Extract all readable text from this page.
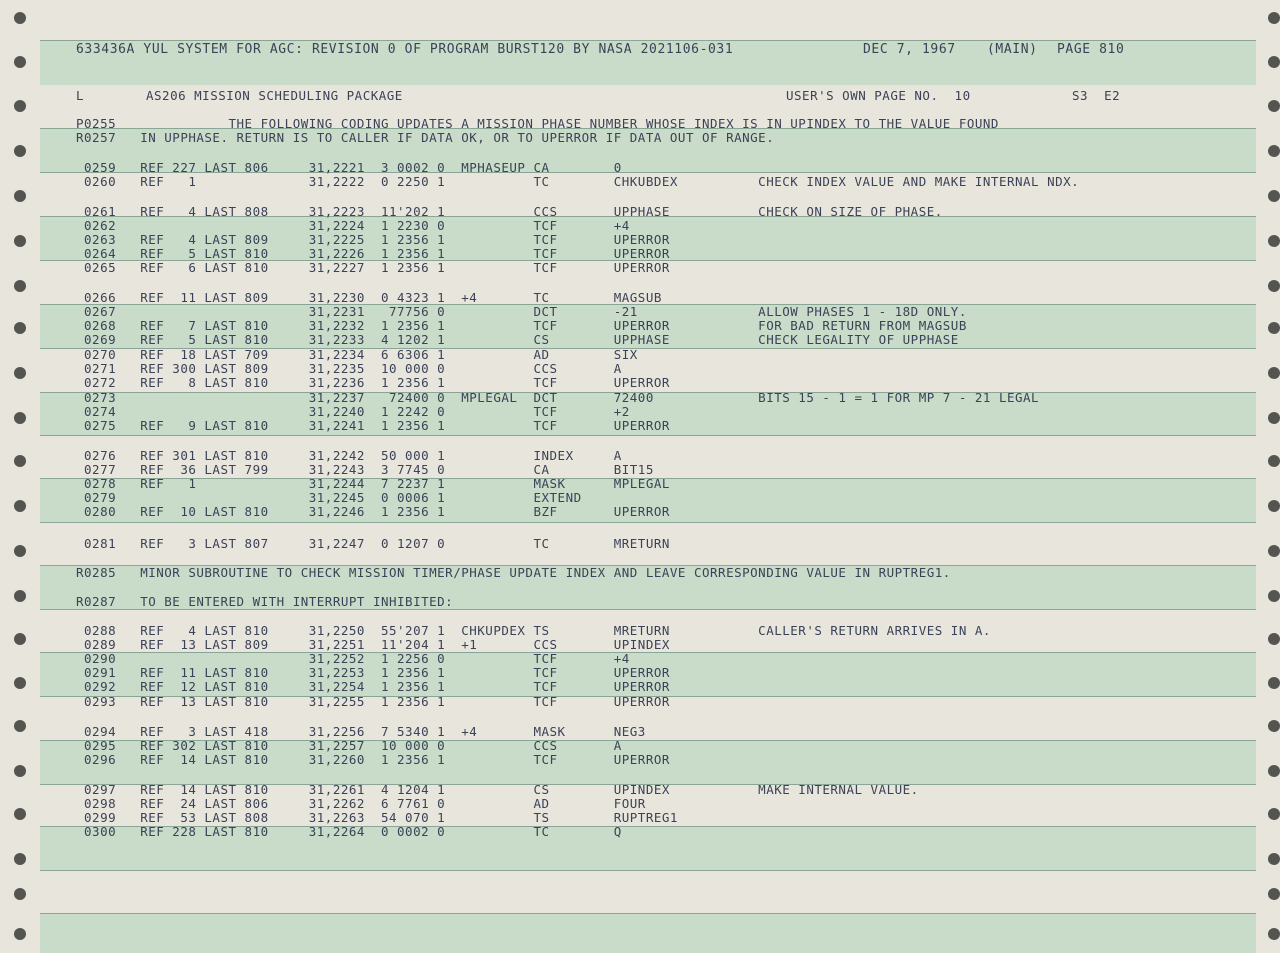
633436A YUL SYSTEM FOR AGC: REVISION 0 OF PROGRAM BURST120 BY NASA 2021106-031	DEC 7, 1967 (MAIN) PAGE 810
L	AS206 MISSION SCHEDULING PACKAGE	USER'S OWN PAGE NO.  10	S3  E2
P0255              THE FOLLOWING CODING UPDATES A MISSION PHASE NUMBER WHOSE INDEX IS IN UPINDEX TO THE VALUE FOUND
R0257   IN UPPHASE. RETURN IS TO CALLER IF DATA OK, OR TO UPERROR IF DATA OUT OF RANGE.
0259   REF 227 LAST 806     31,2221  3 0002 0  MPHASEUP CA        0
0260   REF   1              31,2222  0 2250 1           TC        CHKUBDEX          CHECK INDEX VALUE AND MAKE INTERNAL NDX.
0261   REF   4 LAST 808     31,2223  11'202 1           CCS       UPPHASE           CHECK ON SIZE OF PHASE.
0262                        31,2224  1 2230 0           TCF       +4
0263   REF   4 LAST 809     31,2225  1 2356 1           TCF       UPERROR
0264   REF   5 LAST 810     31,2226  1 2356 1           TCF       UPERROR
0265   REF   6 LAST 810     31,2227  1 2356 1           TCF       UPERROR
0266   REF  11 LAST 809     31,2230  0 4323 1  +4       TC        MAGSUB
0267                        31,2231   77756 0           DCT       -21               ALLOW PHASES 1 - 18D ONLY.
0268   REF   7 LAST 810     31,2232  1 2356 1           TCF       UPERROR           FOR BAD RETURN FROM MAGSUB
0269   REF   5 LAST 810     31,2233  4 1202 1           CS        UPPHASE           CHECK LEGALITY OF UPPHASE
0270   REF  18 LAST 709     31,2234  6 6306 1           AD        SIX
0271   REF 300 LAST 809     31,2235  10 000 0           CCS       A
0272   REF   8 LAST 810     31,2236  1 2356 1           TCF       UPERROR
0273                        31,2237   72400 0  MPLEGAL  DCT       72400             BITS 15 - 1 = 1 FOR MP 7 - 21 LEGAL
0274                        31,2240  1 2242 0           TCF       +2
0275   REF   9 LAST 810     31,2241  1 2356 1           TCF       UPERROR
0276   REF 301 LAST 810     31,2242  50 000 1           INDEX     A
0277   REF  36 LAST 799     31,2243  3 7745 0           CA        BIT15
0278   REF   1              31,2244  7 2237 1           MASK      MPLEGAL
0279                        31,2245  0 0006 1           EXTEND
0280   REF  10 LAST 810     31,2246  1 2356 1           BZF       UPERROR
0281   REF   3 LAST 807     31,2247  0 1207 0           TC        MRETURN
R0285   MINOR SUBROUTINE TO CHECK MISSION TIMER/PHASE UPDATE INDEX AND LEAVE CORRESPONDING VALUE IN RUPTREG1.
R0287   TO BE ENTERED WITH INTERRUPT INHIBITED:
0288   REF   4 LAST 810     31,2250  55'207 1  CHKUPDEX TS        MRETURN           CALLER'S RETURN ARRIVES IN A.
0289   REF  13 LAST 809     31,2251  11'204 1  +1       CCS       UPINDEX
0290                        31,2252  1 2256 0           TCF       +4
0291   REF  11 LAST 810     31,2253  1 2356 1           TCF       UPERROR
0292   REF  12 LAST 810     31,2254  1 2356 1           TCF       UPERROR
0293   REF  13 LAST 810     31,2255  1 2356 1           TCF       UPERROR
0294   REF   3 LAST 418     31,2256  7 5340 1  +4       MASK      NEG3
0295   REF 302 LAST 810     31,2257  10 000 0           CCS       A
0296   REF  14 LAST 810     31,2260  1 2356 1           TCF       UPERROR
0297   REF  14 LAST 810     31,2261  4 1204 1           CS        UPINDEX           MAKE INTERNAL VALUE.
0298   REF  24 LAST 806     31,2262  6 7761 0           AD        FOUR
0299   REF  53 LAST 808     31,2263  54 070 1           TS        RUPTREG1
0300   REF 228 LAST 810     31,2264  0 0002 0           TC        Q
